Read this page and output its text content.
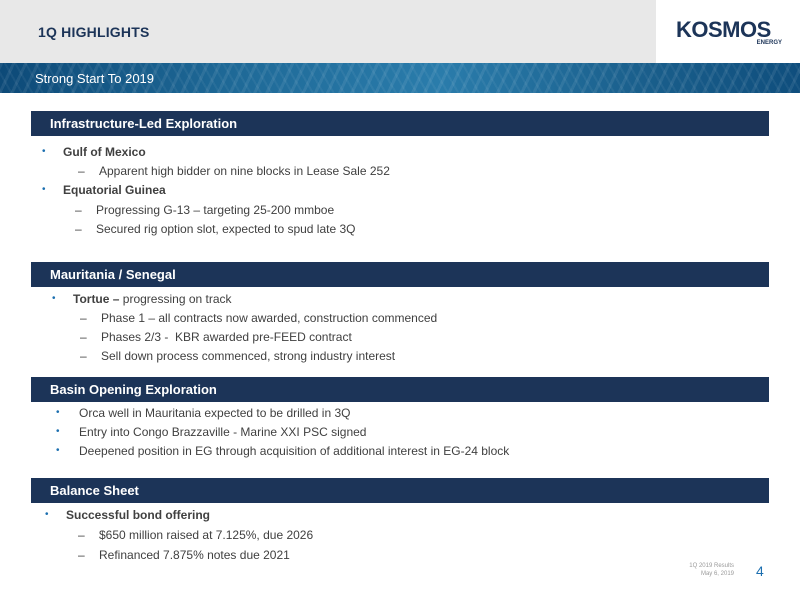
1Q HIGHLIGHTS	KOSMOS
ENERGY
Strong Start To 2019
Infrastructure-Led Exploration
• Gulf of Mexico
– Apparent high bidder on nine blocks in Lease Sale 252
• Equatorial Guinea
– Progressing G-13 – targeting 25-200 mmboe
– Secured rig option slot, expected to spud late 3Q
Mauritania / Senegal
• Tortue – progressing on track
– Phase 1 – all contracts now awarded, construction commenced
– Phases 2/3 -  KBR awarded pre-FEED contract
– Sell down process commenced, strong industry interest
Basin Opening Exploration
• Orca well in Mauritania expected to be drilled in 3Q
• Entry into Congo Brazzaville - Marine XXI PSC signed
• Deepened position in EG through acquisition of additional interest in EG-24 block
Balance Sheet
• Successful bond offering
– $650 million raised at 7.125%, due 2026
– Refinanced 7.875% notes due 2021
1Q 2019 Results
May 6, 2019 4
